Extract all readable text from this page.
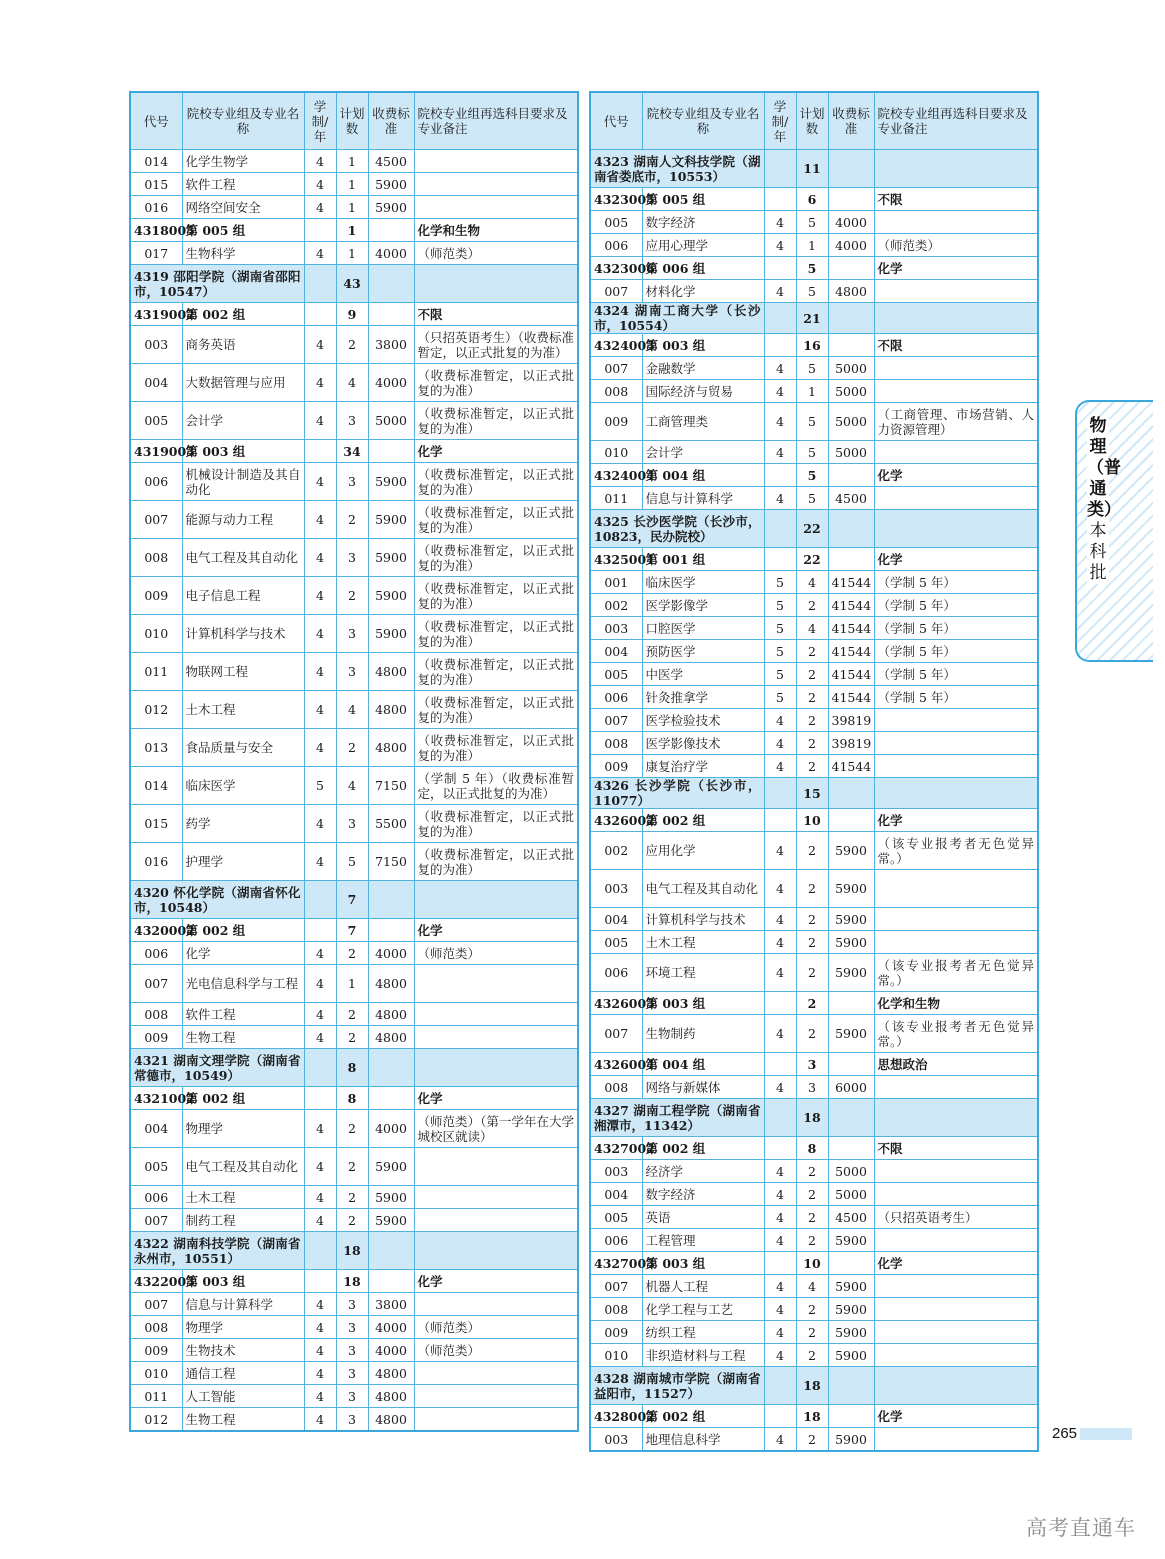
代号	院校专业组及专业名称	学制/年	计划数	收费标准	院校专业组再选科目要求及专业备注
014	化学生物学	4	1	4500	
015	软件工程	4	1	5900	
016	网络空间安全	4	1	5900	
4318005	第 005 组		1		化学和生物
017	生物科学	4	1	4000	（师范类）
4319 邵阳学院（湖南省邵阳市，10547）			43		
4319002	第 002 组		9		不限
003	商务英语	4	2	3800	（只招英语考生）（收费标准暂定，以正式批复的为准）
004	大数据管理与应用	4	4	4000	（收费标准暂定，以正式批复的为准）
005	会计学	4	3	5000	（收费标准暂定，以正式批复的为准）
4319003	第 003 组		34		化学
006	机械设计制造及其自动化	4	3	5900	（收费标准暂定，以正式批复的为准）
007	能源与动力工程	4	2	5900	（收费标准暂定，以正式批复的为准）
008	电气工程及其自动化	4	3	5900	（收费标准暂定，以正式批复的为准）
009	电子信息工程	4	2	5900	（收费标准暂定，以正式批复的为准）
010	计算机科学与技术	4	3	5900	（收费标准暂定，以正式批复的为准）
011	物联网工程	4	3	4800	（收费标准暂定，以正式批复的为准）
012	土木工程	4	4	4800	（收费标准暂定，以正式批复的为准）
013	食品质量与安全	4	2	4800	（收费标准暂定，以正式批复的为准）
014	临床医学	5	4	7150	（学制 5 年）（收费标准暂定，以正式批复的为准）
015	药学	4	3	5500	（收费标准暂定，以正式批复的为准）
016	护理学	4	5	7150	（收费标准暂定，以正式批复的为准）
4320 怀化学院（湖南省怀化市，10548）			7		
4320002	第 002 组		7		化学
006	化学	4	2	4000	（师范类）
007	光电信息科学与工程	4	1	4800	
008	软件工程	4	2	4800	
009	生物工程	4	2	4800	
4321 湖南文理学院（湖南省常德市，10549）			8		
4321002	第 002 组		8		化学
004	物理学	4	2	4000	（师范类）（第一学年在大学城校区就读）
005	电气工程及其自动化	4	2	5900	
006	土木工程	4	2	5900	
007	制药工程	4	2	5900	
4322 湖南科技学院（湖南省永州市，10551）			18		
4322003	第 003 组		18		化学
007	信息与计算科学	4	3	3800	
008	物理学	4	3	4000	（师范类）
009	生物技术	4	3	4000	（师范类）
010	通信工程	4	3	4800	
011	人工智能	4	3	4800	
012	生物工程	4	3	4800	
代号	院校专业组及专业名称	学制/年	计划数	收费标准	院校专业组再选科目要求及专业备注
4323 湖南人文科技学院（湖南省娄底市，10553）			11		
4323005	第 005 组		6		不限
005	数字经济	4	5	4000	
006	应用心理学	4	1	4000	（师范类）
4323006	第 006 组		5		化学
007	材料化学	4	5	4800	
4324 湖南工商大学（长沙市，10554）			21		
4324003	第 003 组		16		不限
007	金融数学	4	5	5000	
008	国际经济与贸易	4	1	5000	
009	工商管理类	4	5	5000	（工商管理、市场营销、人力资源管理）
010	会计学	4	5	5000	
4324004	第 004 组		5		化学
011	信息与计算科学	4	5	4500	
4325 长沙医学院（长沙市，10823，民办院校）			22		
4325001	第 001 组		22		化学
001	临床医学	5	4	41544	（学制 5 年）
002	医学影像学	5	2	41544	（学制 5 年）
003	口腔医学	5	4	41544	（学制 5 年）
004	预防医学	5	2	41544	（学制 5 年）
005	中医学	5	2	41544	（学制 5 年）
006	针灸推拿学	5	2	41544	（学制 5 年）
007	医学检验技术	4	2	39819	
008	医学影像技术	4	2	39819	
009	康复治疗学	4	2	41544	
4326 长沙学院（长沙市，11077）			15		
4326002	第 002 组		10		化学
002	应用化学	4	2	5900	（该专业报考者无色觉异常。）
003	电气工程及其自动化	4	2	5900	
004	计算机科学与技术	4	2	5900	
005	土木工程	4	2	5900	
006	环境工程	4	2	5900	（该专业报考者无色觉异常。）
4326003	第 003 组		2		化学和生物
007	生物制药	4	2	5900	（该专业报考者无色觉异常。）
4326004	第 004 组		3		思想政治
008	网络与新媒体	4	3	6000	
4327 湖南工程学院（湖南省湘潭市，11342）			18		
4327002	第 002 组		8		不限
003	经济学	4	2	5000	
004	数字经济	4	2	5000	
005	英语	4	2	4500	（只招英语考生）
006	工程管理	4	2	5900	
4327003	第 003 组		10		化学
007	机器人工程	4	4	5900	
008	化学工程与工艺	4	2	5900	
009	纺织工程	4	2	5900	
010	非织造材料与工程	4	2	5900	
4328 湖南城市学院（湖南省益阳市，11527）			18		
4328002	第 002 组		18		化学
003	地理信息科学	4	2	5900	
物理（普通类）本科批
265
高考直通车
